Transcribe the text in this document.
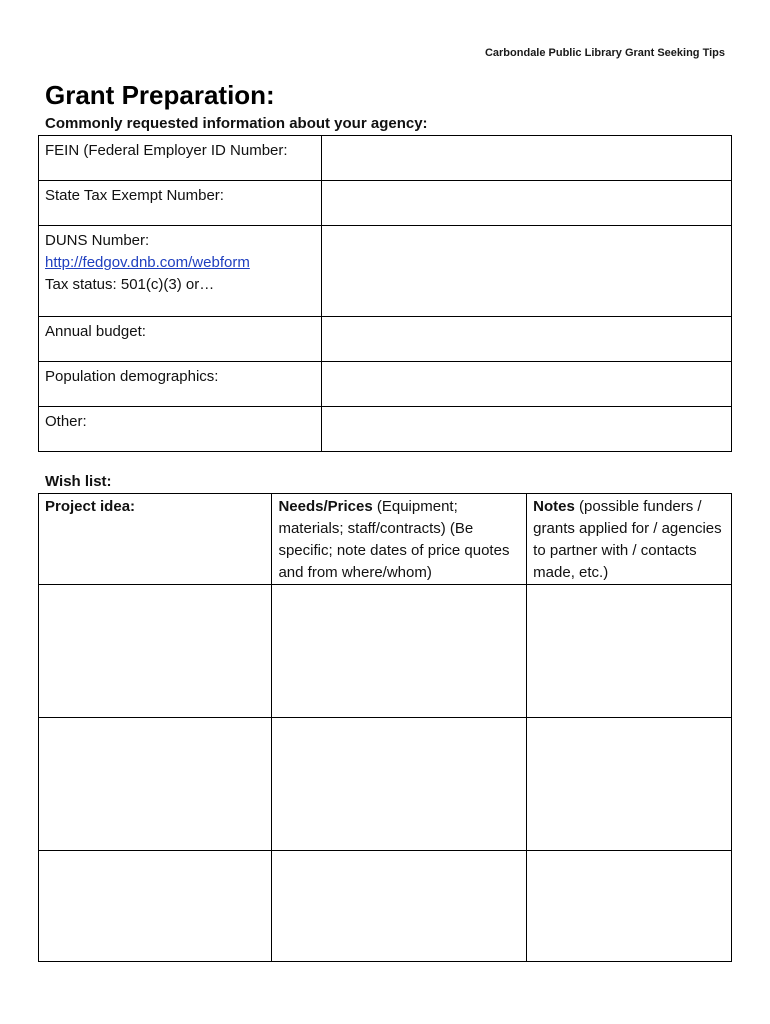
Carbondale Public Library Grant Seeking Tips
Grant Preparation:
Commonly requested information about your agency:
FEIN (Federal Employer ID Number:	
State Tax Exempt Number:	

DUNS Number:
http://fedgov.dnb.com/webform
Tax status: 501(c)(3) or…	

Annual budget:	
Population demographics:	
Other:	
Wish list:
Project idea:	Needs/Prices (Equipment; materials; staff/contracts) (Be specific; note dates of price quotes and from where/whom)	Notes (possible funders / grants applied for / agencies to partner with / contacts made, etc.)
